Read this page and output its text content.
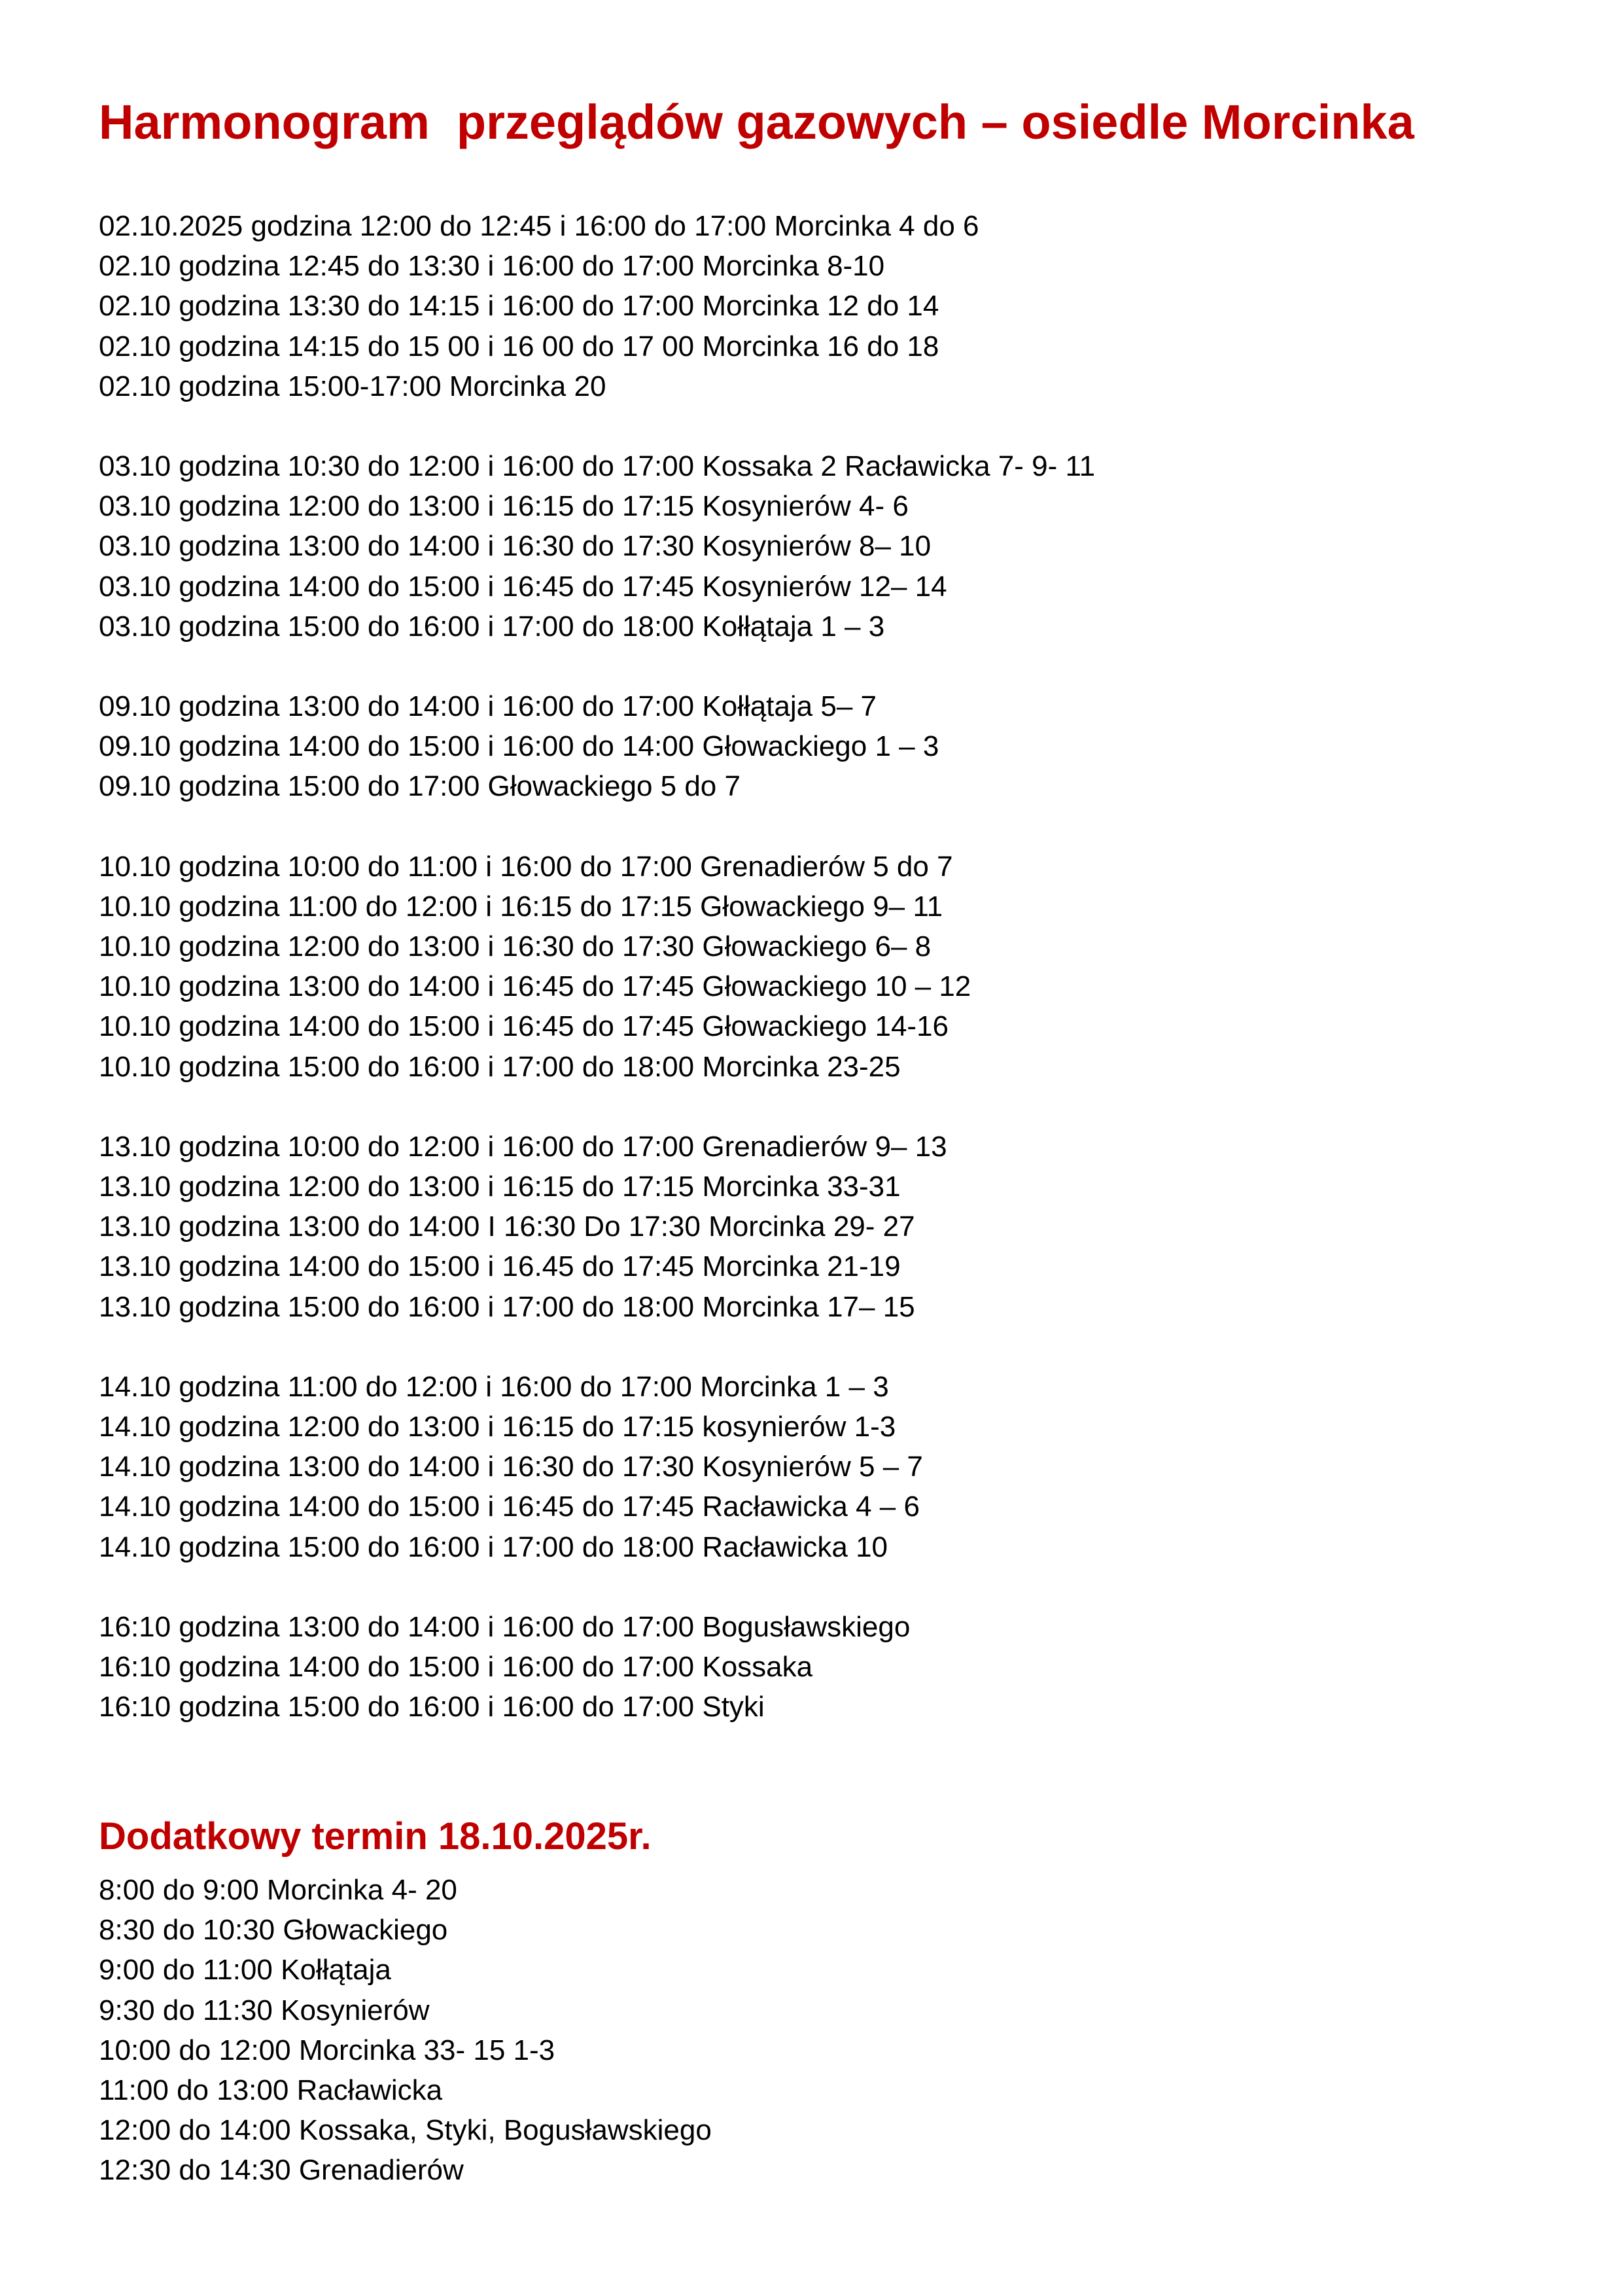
Harmonogram  przeglądów gazowych – osiedle Morcinka
02.10.2025 godzina 12:00 do 12:45 i 16:00 do 17:00 Morcinka 4 do 6
02.10 godzina 12:45 do 13:30 i 16:00 do 17:00 Morcinka 8-10
02.10 godzina 13:30 do 14:15 i 16:00 do 17:00 Morcinka 12 do 14
02.10 godzina 14:15 do 15 00 i 16 00 do 17 00 Morcinka 16 do 18
02.10 godzina 15:00-17:00 Morcinka 20
03.10 godzina 10:30 do 12:00 i 16:00 do 17:00 Kossaka 2 Racławicka 7- 9- 11
03.10 godzina 12:00 do 13:00 i 16:15 do 17:15 Kosynierów 4- 6
03.10 godzina 13:00 do 14:00 i 16:30 do 17:30 Kosynierów 8– 10
03.10 godzina 14:00 do 15:00 i 16:45 do 17:45 Kosynierów 12– 14
03.10 godzina 15:00 do 16:00 i 17:00 do 18:00 Kołłątaja 1 – 3
09.10 godzina 13:00 do 14:00 i 16:00 do 17:00 Kołłątaja 5– 7
09.10 godzina 14:00 do 15:00 i 16:00 do 14:00 Głowackiego 1 – 3
09.10 godzina 15:00 do 17:00 Głowackiego 5 do 7
10.10 godzina 10:00 do 11:00 i 16:00 do 17:00 Grenadierów 5 do 7
10.10 godzina 11:00 do 12:00 i 16:15 do 17:15 Głowackiego 9– 11
10.10 godzina 12:00 do 13:00 i 16:30 do 17:30 Głowackiego 6– 8
10.10 godzina 13:00 do 14:00 i 16:45 do 17:45 Głowackiego 10 – 12
10.10 godzina 14:00 do 15:00 i 16:45 do 17:45 Głowackiego 14-16
10.10 godzina 15:00 do 16:00 i 17:00 do 18:00 Morcinka 23-25
13.10 godzina 10:00 do 12:00 i 16:00 do 17:00 Grenadierów 9– 13
13.10 godzina 12:00 do 13:00 i 16:15 do 17:15 Morcinka 33-31
13.10 godzina 13:00 do 14:00 I 16:30 Do 17:30 Morcinka 29- 27
13.10 godzina 14:00 do 15:00 i 16.45 do 17:45 Morcinka 21-19
13.10 godzina 15:00 do 16:00 i 17:00 do 18:00 Morcinka 17– 15
14.10 godzina 11:00 do 12:00 i 16:00 do 17:00 Morcinka 1 – 3
14.10 godzina 12:00 do 13:00 i 16:15 do 17:15 kosynierów 1-3
14.10 godzina 13:00 do 14:00 i 16:30 do 17:30 Kosynierów 5 – 7
14.10 godzina 14:00 do 15:00 i 16:45 do 17:45 Racławicka 4 – 6
14.10 godzina 15:00 do 16:00 i 17:00 do 18:00 Racławicka 10
16:10 godzina 13:00 do 14:00 i 16:00 do 17:00 Bogusławskiego
16:10 godzina 14:00 do 15:00 i 16:00 do 17:00 Kossaka
16:10 godzina 15:00 do 16:00 i 16:00 do 17:00 Styki
Dodatkowy termin 18.10.2025r.
8:00 do 9:00 Morcinka 4- 20
8:30 do 10:30 Głowackiego
9:00 do 11:00 Kołłątaja
9:30 do 11:30 Kosynierów
10:00 do 12:00 Morcinka 33- 15 1-3
11:00 do 13:00 Racławicka
12:00 do 14:00 Kossaka, Styki, Bogusławskiego
12:30 do 14:30 Grenadierów
